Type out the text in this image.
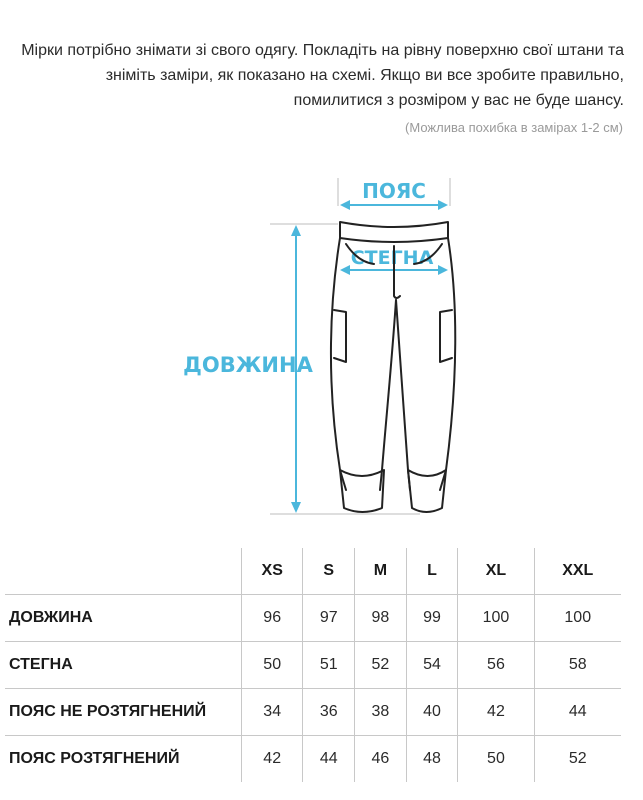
Мірки потрібно знімати зі свого одягу. Покладіть на рівну поверхню свої штани та зніміть заміри, як показано на схемі. Якщо ви все зробите правильно, помилитися з розміром у вас не буде шансу.
(Можлива похибка в замірах 1-2 см)
ПОЯС
СТЕГНА
ДОВЖИНА
	XS	S	M	L	XL	XXL
ДОВЖИНА	96	97	98	99	100	100
СТЕГНА	50	51	52	54	56	58
ПОЯС НЕ РОЗТЯГНЕНИЙ	34	36	38	40	42	44
ПОЯС РОЗТЯГНЕНИЙ	42	44	46	48	50	52
